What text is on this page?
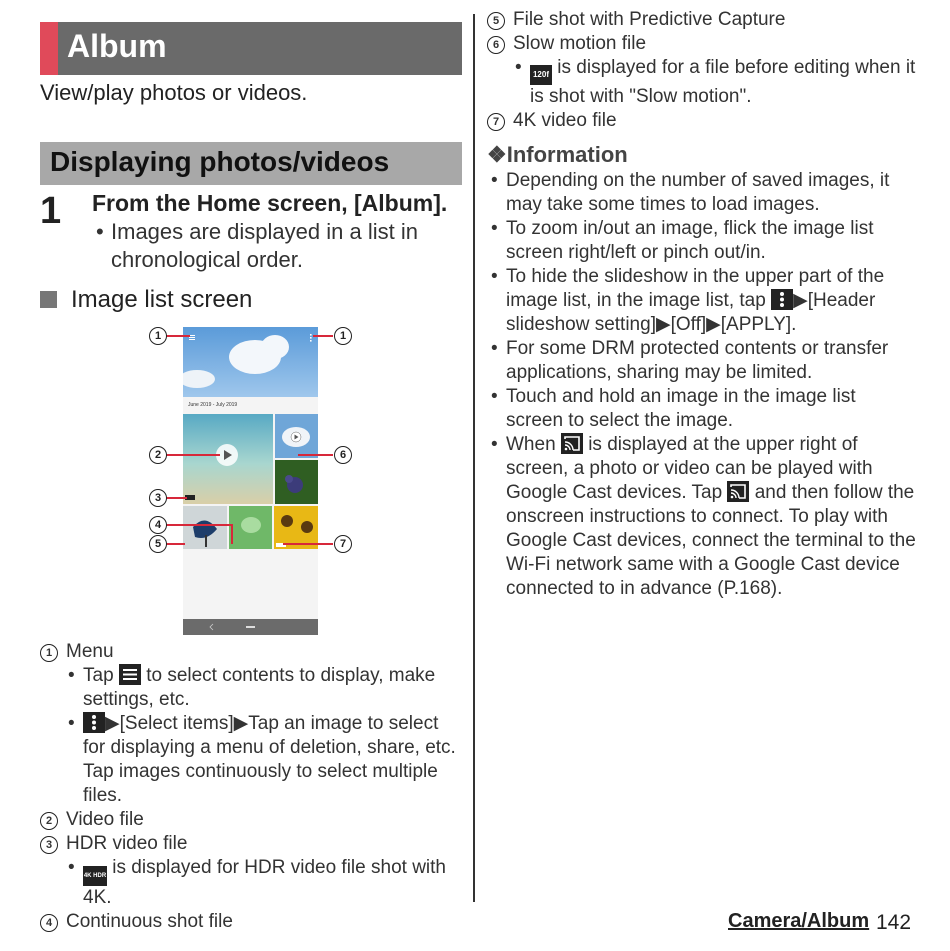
Album
View/play photos or videos.
Displaying photos/videos
1 From the Home screen, [Album].
• Images are displayed in a list in chronological order.
Image list screen
June 2019 - July 2019
1	1
2	6
3
4
5	7
1 Menu
• Tap to select contents to display, make settings, etc.
• ▶[Select items]▶Tap an image to select for displaying a menu of deletion, share, etc. Tap images continuously to select multiple files.
2 Video file
3 HDR video file
• 4K HDR is displayed for HDR video file shot with 4K.
4 Continuous shot file
5 File shot with Predictive Capture
6 Slow motion file
• 120f is displayed for a file before editing when it is shot with "Slow motion".
7 4K video file
❖Information
• Depending on the number of saved images, it may take some times to load images.
• To zoom in/out an image, flick the image list screen right/left or pinch out/in.
• To hide the slideshow in the upper part of the image list, in the image list, tap ▶[Header slideshow setting]▶[Off]▶[APPLY].
• For some DRM protected contents or transfer applications, sharing may be limited.
• Touch and hold an image in the image list screen to select the image.
• When is displayed at the upper right of screen, a photo or video can be played with Google Cast devices. Tap and then follow the onscreen instructions to connect. To play with Google Cast devices, connect the terminal to the Wi-Fi network same with a Google Cast device connected to in advance (P.168).
Camera/Album 142
